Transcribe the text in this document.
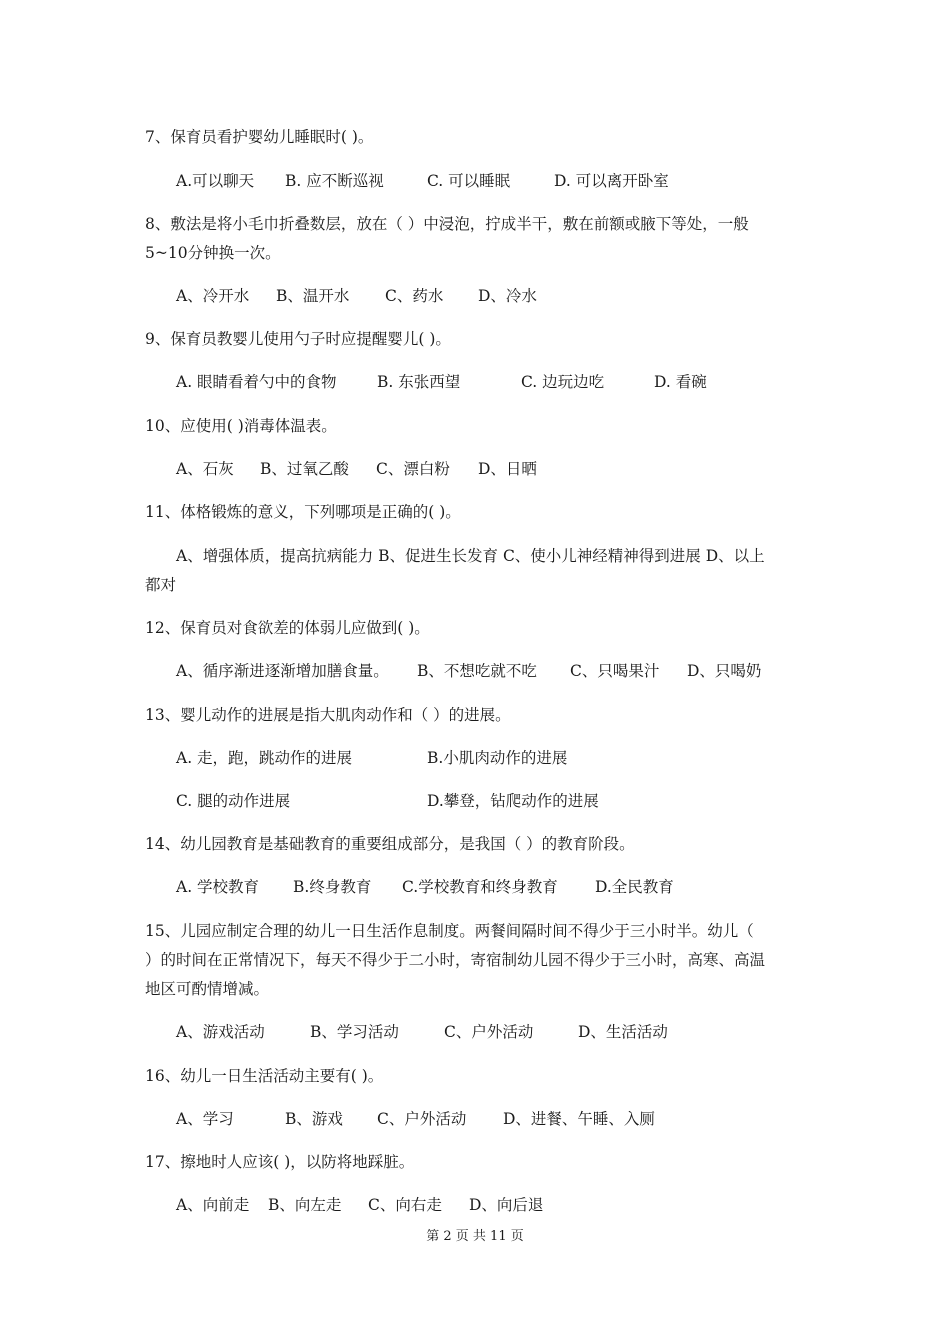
7、保育员看护婴幼儿睡眠时( )。
A.可以聊天 B. 应不断巡视	C. 可以睡眠	D. 可以离开卧室
8、敷法是将小毛巾折叠数层，放在（ ）中浸泡，拧成半干，敷在前额或腋下等处，一般
5~10分钟换一次。
A、冷开水 B、温开水 C、药水 D、冷水
9、保育员教婴儿使用勺子时应提醒婴儿( )。
A. 眼睛看着勺中的食物	B. 东张西望	C. 边玩边吃	D. 看碗
10、应使用( )消毒体温表。
A、石灰 B、过氧乙酸 C、漂白粉 D、日晒
11、体格锻炼的意义，下列哪项是正确的( )。
A、增强体质，提高抗病能力 B、促进生长发育 C、使小儿神经精神得到进展 D、以上
都对
12、保育员对食欲差的体弱儿应做到( )。
A、循序渐进逐渐增加膳食量。 B、不想吃就不吃 C、只喝果汁 D、只喝奶
13、婴儿动作的进展是指大肌肉动作和（ ）的进展。
A. 走，跑，跳动作的进展	B.小肌肉动作的进展
C. 腿的动作进展	D.攀登，钻爬动作的进展
14、幼儿园教育是基础教育的重要组成部分，是我国（ ）的教育阶段。
A. 学校教育 B.终身教育 C.学校教育和终身教育 D.全民教育
15、儿园应制定合理的幼儿一日生活作息制度。两餐间隔时间不得少于三小时半。幼儿（
）的时间在正常情况下，每天不得少于二小时，寄宿制幼儿园不得少于三小时，高寒、高温
地区可酌情增减。
A、游戏活动	B、学习活动	C、户外活动	D、生活活动
16、幼儿一日生活活动主要有( )。
A、学习	B、游戏 C、户外活动 D、进餐、午睡、入厕
17、擦地时人应该( )，以防将地踩脏。
A、向前走 B、向左走 C、向右走 D、向后退
第 2 页 共 11 页
